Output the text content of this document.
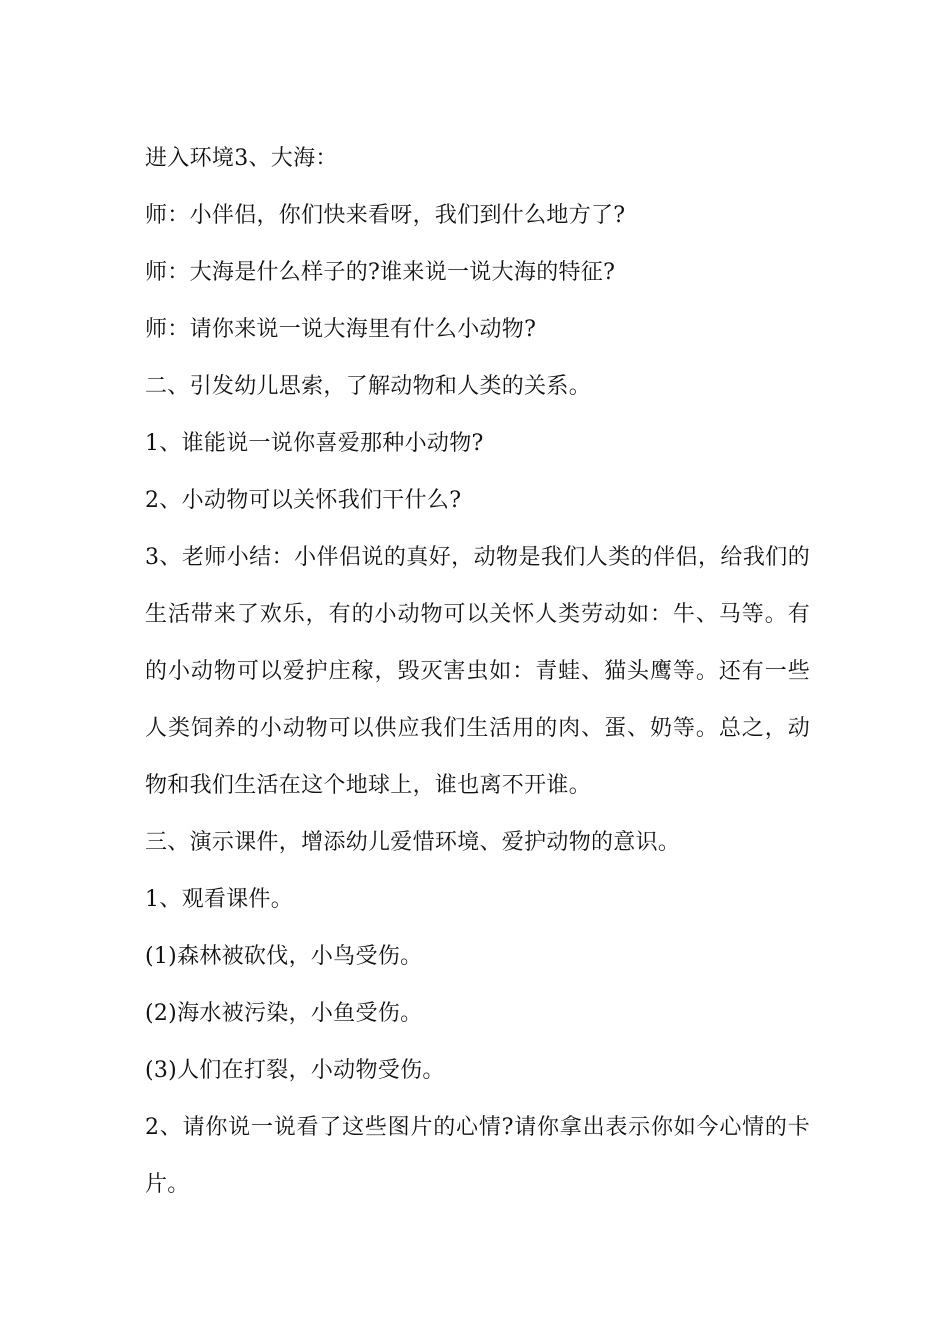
进入环境3、大海：

师：小伴侣，你们快来看呀，我们到什么地方了?

师：大海是什么样子的?谁来说一说大海的特征?

师：请你来说一说大海里有什么小动物?

二、引发幼儿思索，了解动物和人类的关系。

1、谁能说一说你喜爱那种小动物?

2、小动物可以关怀我们干什么?

3、老师小结：小伴侣说的真好，动物是我们人类的伴侣，给我们的生活带来了欢乐，有的小动物可以关怀人类劳动如：牛、马等。有的小动物可以爱护庄稼，毁灭害虫如：青蛙、猫头鹰等。还有一些人类饲养的小动物可以供应我们生活用的肉、蛋、奶等。总之，动物和我们生活在这个地球上，谁也离不开谁。

三、演示课件，增添幼儿爱惜环境、爱护动物的意识。

1、观看课件。

(1)森林被砍伐，小鸟受伤。

(2)海水被污染，小鱼受伤。

(3)人们在打裂，小动物受伤。

2、请你说一说看了这些图片的心情?请你拿出表示你如今心情的卡片。
